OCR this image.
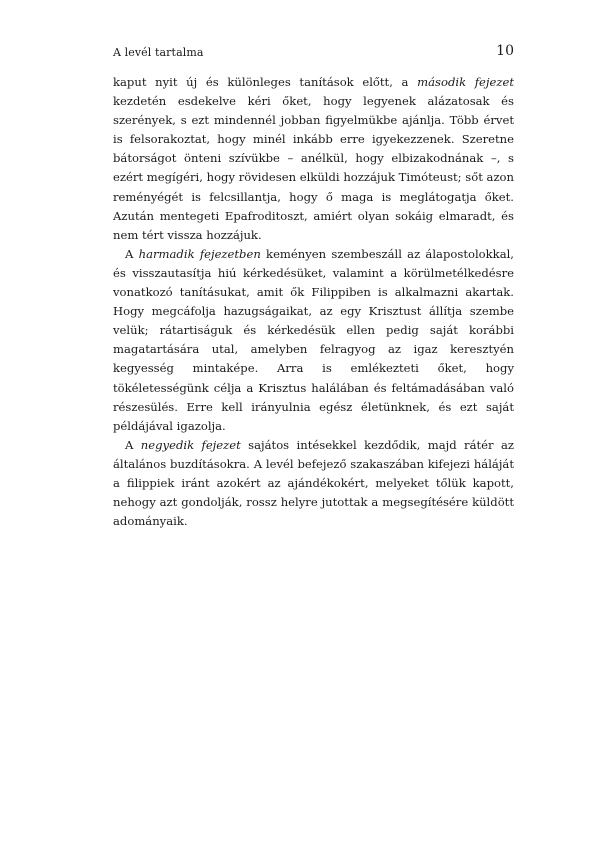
A levél tartalma	10

kaput nyit új és különleges tanítások előtt, a második fejezet kezdetén esdekelve kéri őket, hogy legyenek alázatosak és szerények, s ezt mindennél jobban figyelmükbe ajánlja. Több érvet is felsorakoztat, hogy minél inkább erre igyekezzenek. Szeretne bátorságot önteni szívükbe – anélkül, hogy elbizakodnának –, s ezért megígéri, hogy rövidesen elküldi hozzájuk Timóteust; sőt azon reményégét is felcsillantja, hogy ő maga is meglátogatja őket. Azután mentegeti Epafroditoszt, amiért olyan sokáig elmaradt, és nem tért vissza hozzájuk.

A harmadik fejezetben keményen szembeszáll az álapostolokkal, és visszautasítja hiú kérkedésüket, valamint a körülmetélkedésre vonatkozó tanításukat, amit ők Filippiben is alkalmazni akartak. Hogy megcáfolja hazugságaikat, az egy Krisztust állítja szembe velük; rátartiságuk és kérkedésük ellen pedig saját korábbi magatartására utal, amelyben felragyog az igaz keresztyén kegyesség mintaképe. Arra is emlékezteti őket, hogy tökéletességünk célja a Krisztus halálában és feltámadásában való részesülés. Erre kell irányulnia egész életünknek, és ezt saját példájával igazolja.

A negyedik fejezet sajátos intésekkel kezdődik, majd rátér az általános buzdításokra. A levél befejező szakaszában kifejezi háláját a filippiek iránt azokért az ajándékokért, melyeket tőlük kapott, nehogy azt gondolják, rossz helyre jutottak a megsegítésére küldött adományaik.
